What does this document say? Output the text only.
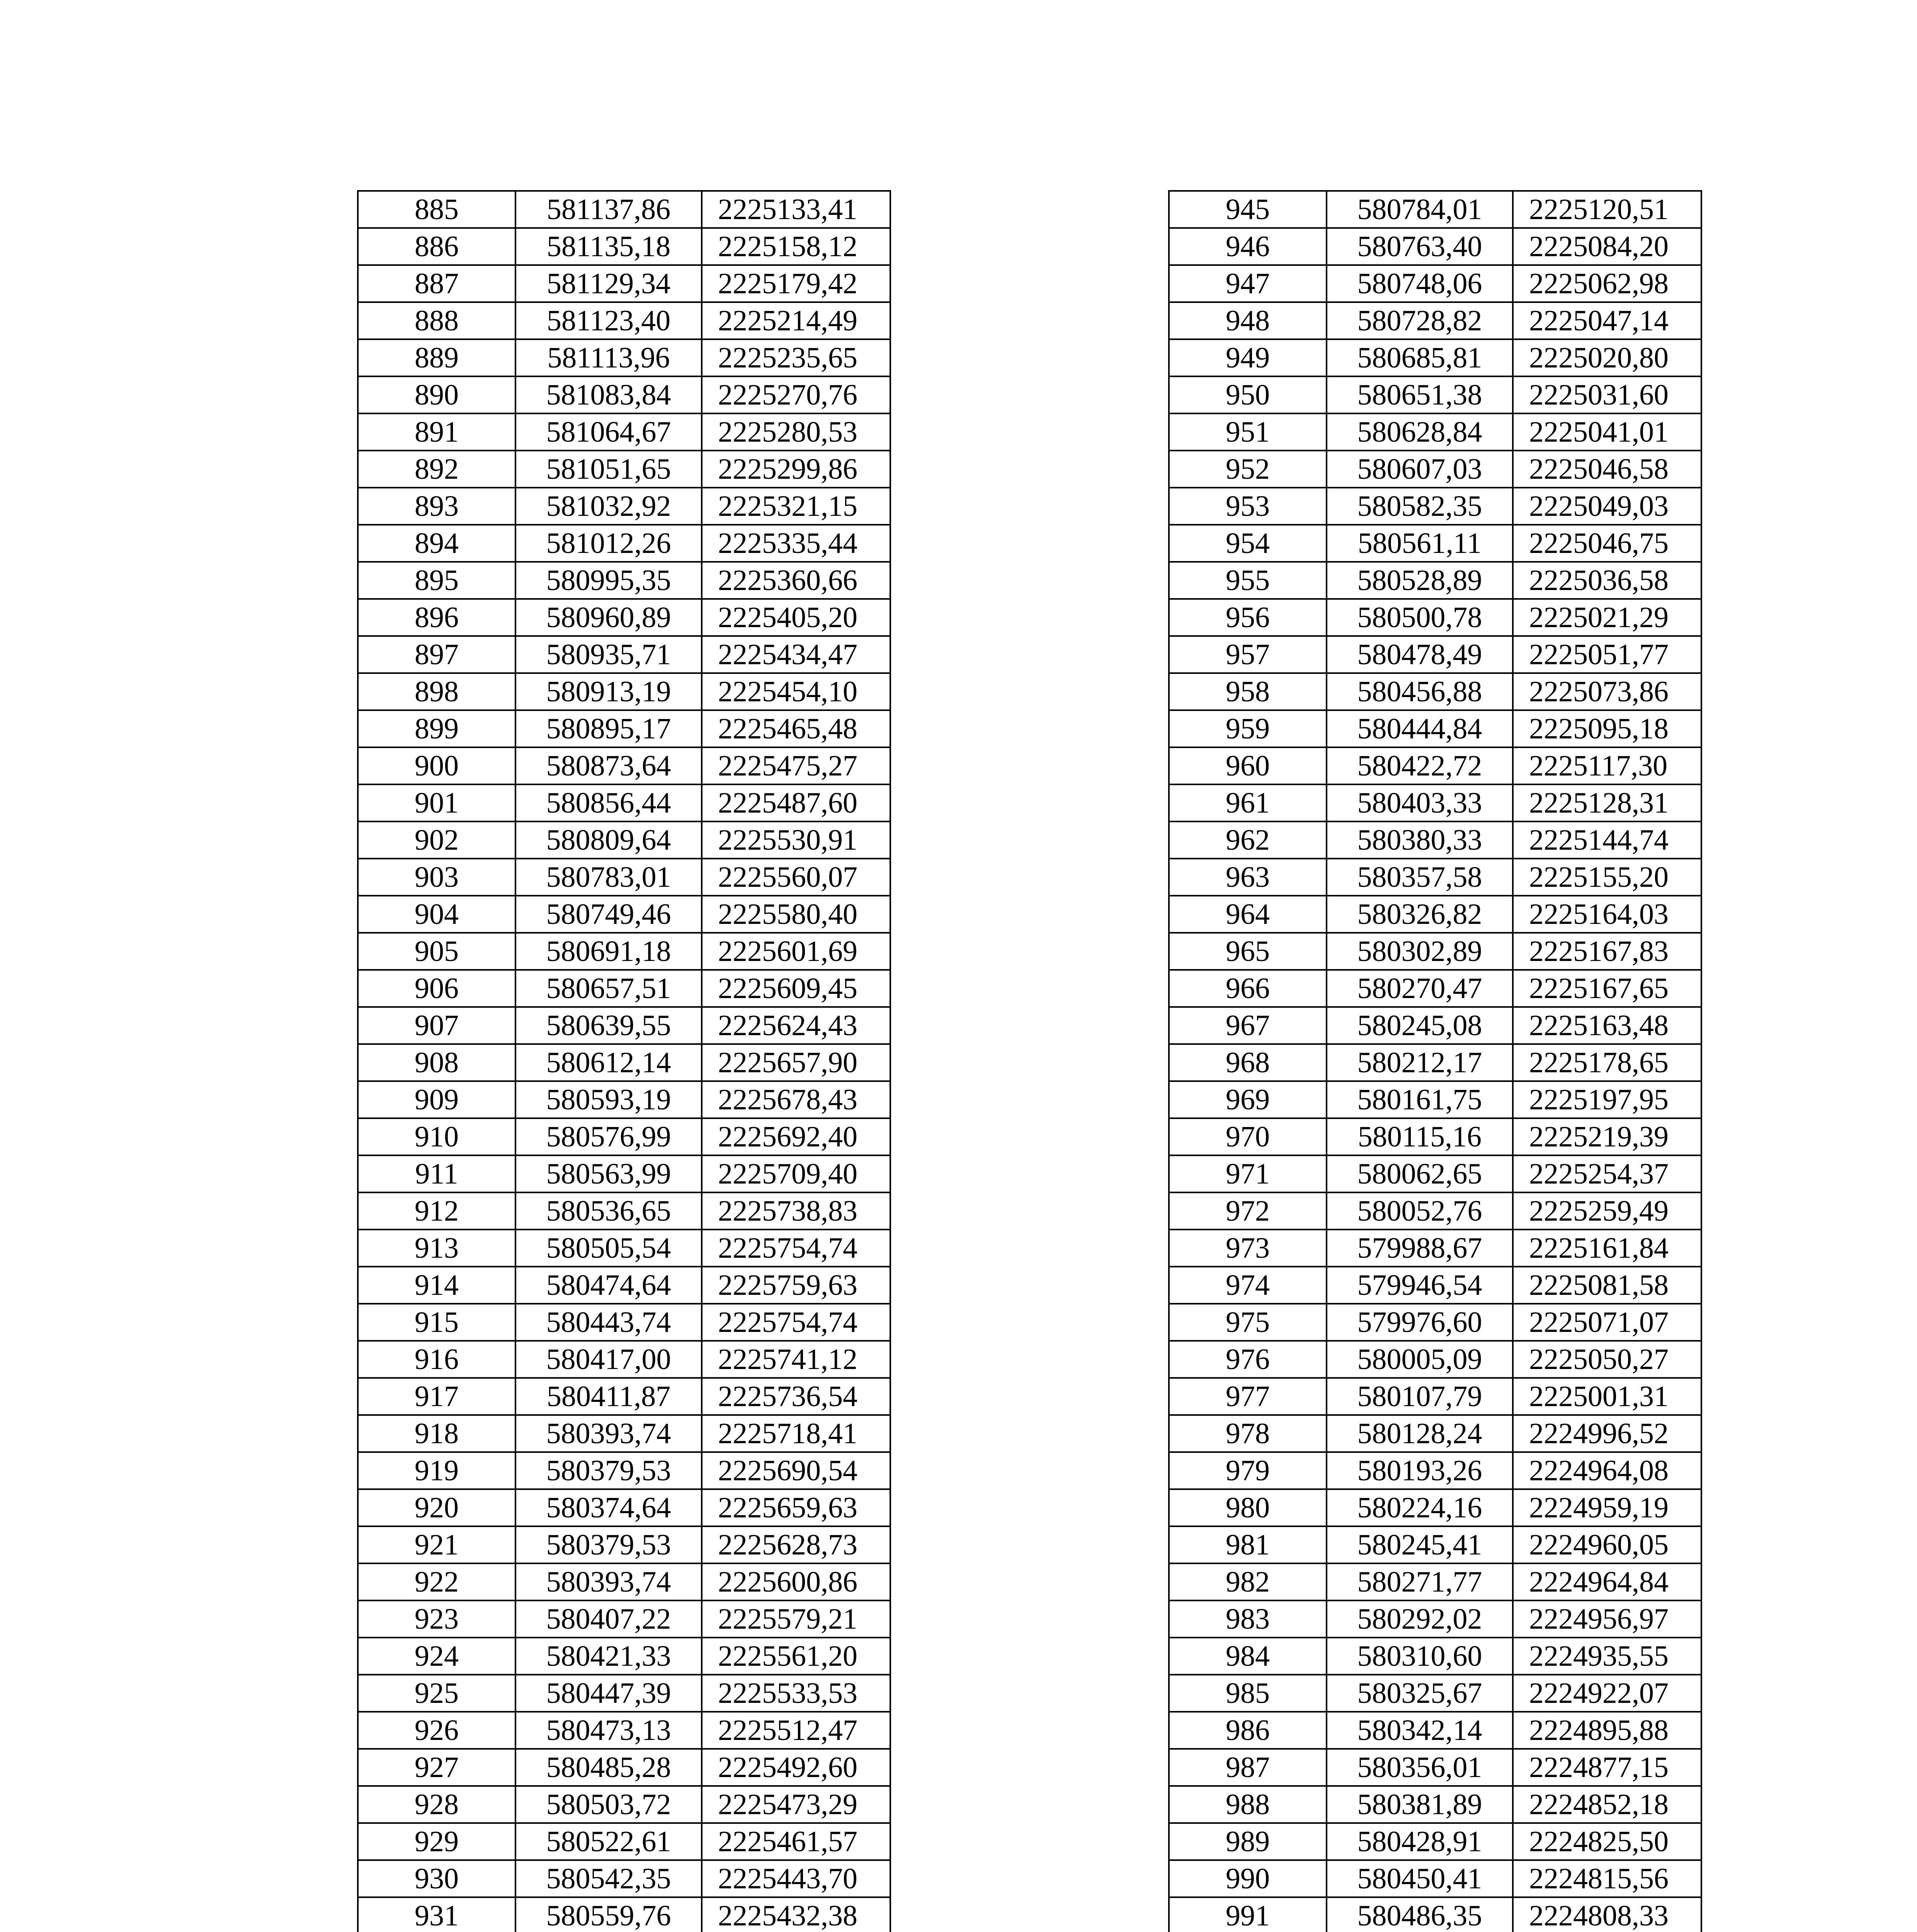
885	581137,86	2225133,41
886	581135,18	2225158,12
887	581129,34	2225179,42
888	581123,40	2225214,49
889	581113,96	2225235,65
890	581083,84	2225270,76
891	581064,67	2225280,53
892	581051,65	2225299,86
893	581032,92	2225321,15
894	581012,26	2225335,44
895	580995,35	2225360,66
896	580960,89	2225405,20
897	580935,71	2225434,47
898	580913,19	2225454,10
899	580895,17	2225465,48
900	580873,64	2225475,27
901	580856,44	2225487,60
902	580809,64	2225530,91
903	580783,01	2225560,07
904	580749,46	2225580,40
905	580691,18	2225601,69
906	580657,51	2225609,45
907	580639,55	2225624,43
908	580612,14	2225657,90
909	580593,19	2225678,43
910	580576,99	2225692,40
911	580563,99	2225709,40
912	580536,65	2225738,83
913	580505,54	2225754,74
914	580474,64	2225759,63
915	580443,74	2225754,74
916	580417,00	2225741,12
917	580411,87	2225736,54
918	580393,74	2225718,41
919	580379,53	2225690,54
920	580374,64	2225659,63
921	580379,53	2225628,73
922	580393,74	2225600,86
923	580407,22	2225579,21
924	580421,33	2225561,20
925	580447,39	2225533,53
926	580473,13	2225512,47
927	580485,28	2225492,60
928	580503,72	2225473,29
929	580522,61	2225461,57
930	580542,35	2225443,70
931	580559,76	2225432,38

945	580784,01	2225120,51
946	580763,40	2225084,20
947	580748,06	2225062,98
948	580728,82	2225047,14
949	580685,81	2225020,80
950	580651,38	2225031,60
951	580628,84	2225041,01
952	580607,03	2225046,58
953	580582,35	2225049,03
954	580561,11	2225046,75
955	580528,89	2225036,58
956	580500,78	2225021,29
957	580478,49	2225051,77
958	580456,88	2225073,86
959	580444,84	2225095,18
960	580422,72	2225117,30
961	580403,33	2225128,31
962	580380,33	2225144,74
963	580357,58	2225155,20
964	580326,82	2225164,03
965	580302,89	2225167,83
966	580270,47	2225167,65
967	580245,08	2225163,48
968	580212,17	2225178,65
969	580161,75	2225197,95
970	580115,16	2225219,39
971	580062,65	2225254,37
972	580052,76	2225259,49
973	579988,67	2225161,84
974	579946,54	2225081,58
975	579976,60	2225071,07
976	580005,09	2225050,27
977	580107,79	2225001,31
978	580128,24	2224996,52
979	580193,26	2224964,08
980	580224,16	2224959,19
981	580245,41	2224960,05
982	580271,77	2224964,84
983	580292,02	2224956,97
984	580310,60	2224935,55
985	580325,67	2224922,07
986	580342,14	2224895,88
987	580356,01	2224877,15
988	580381,89	2224852,18
989	580428,91	2224825,50
990	580450,41	2224815,56
991	580486,35	2224808,33
